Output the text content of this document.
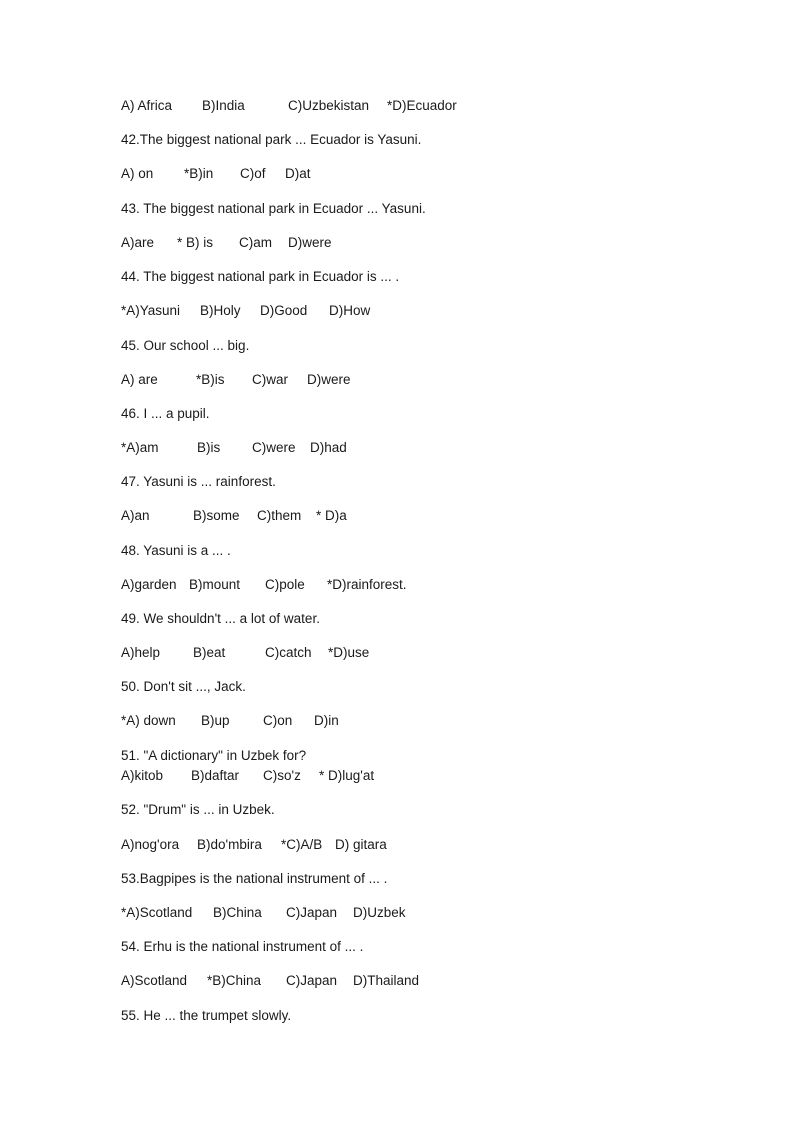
A) Africa B)India	C)Uzbekistan *D)Ecuador
42.The biggest national park ... Ecuador is Yasuni.
A) on *B)in C)of D)at
43. The biggest national park in Ecuador ... Yasuni.
A)are * B) is C)am D)were
44. The biggest national park in Ecuador is ... .
*A)Yasuni B)Holy D)Good D)How
45. Our school ... big.
A) are	*B)is C)war D)were
46. I ... a pupil.
*A)am	B)is C)were D)had
47. Yasuni is ... rainforest.
A)an	B)some C)them * D)a
48. Yasuni is a ... .
A)garden B)mount C)pole *D)rainforest.
49. We shouldn't ... a lot of water.
A)help B)eat	C)catch *D)use
50. Don't sit ..., Jack.
*A) down B)up C)on D)in
51. "A dictionary" in Uzbek for?
A)kitob B)daftar C)so'z * D)lug'at
52. "Drum" is ... in Uzbek.
A)nog'ora B)do'mbira *C)A/B D) gitara
53.Bagpipes is the national instrument of ... .
*A)Scotland B)China C)Japan D)Uzbek
54. Erhu is the national instrument of ... .
A)Scotland *B)China C)Japan D)Thailand
55. He ... the trumpet slowly.
